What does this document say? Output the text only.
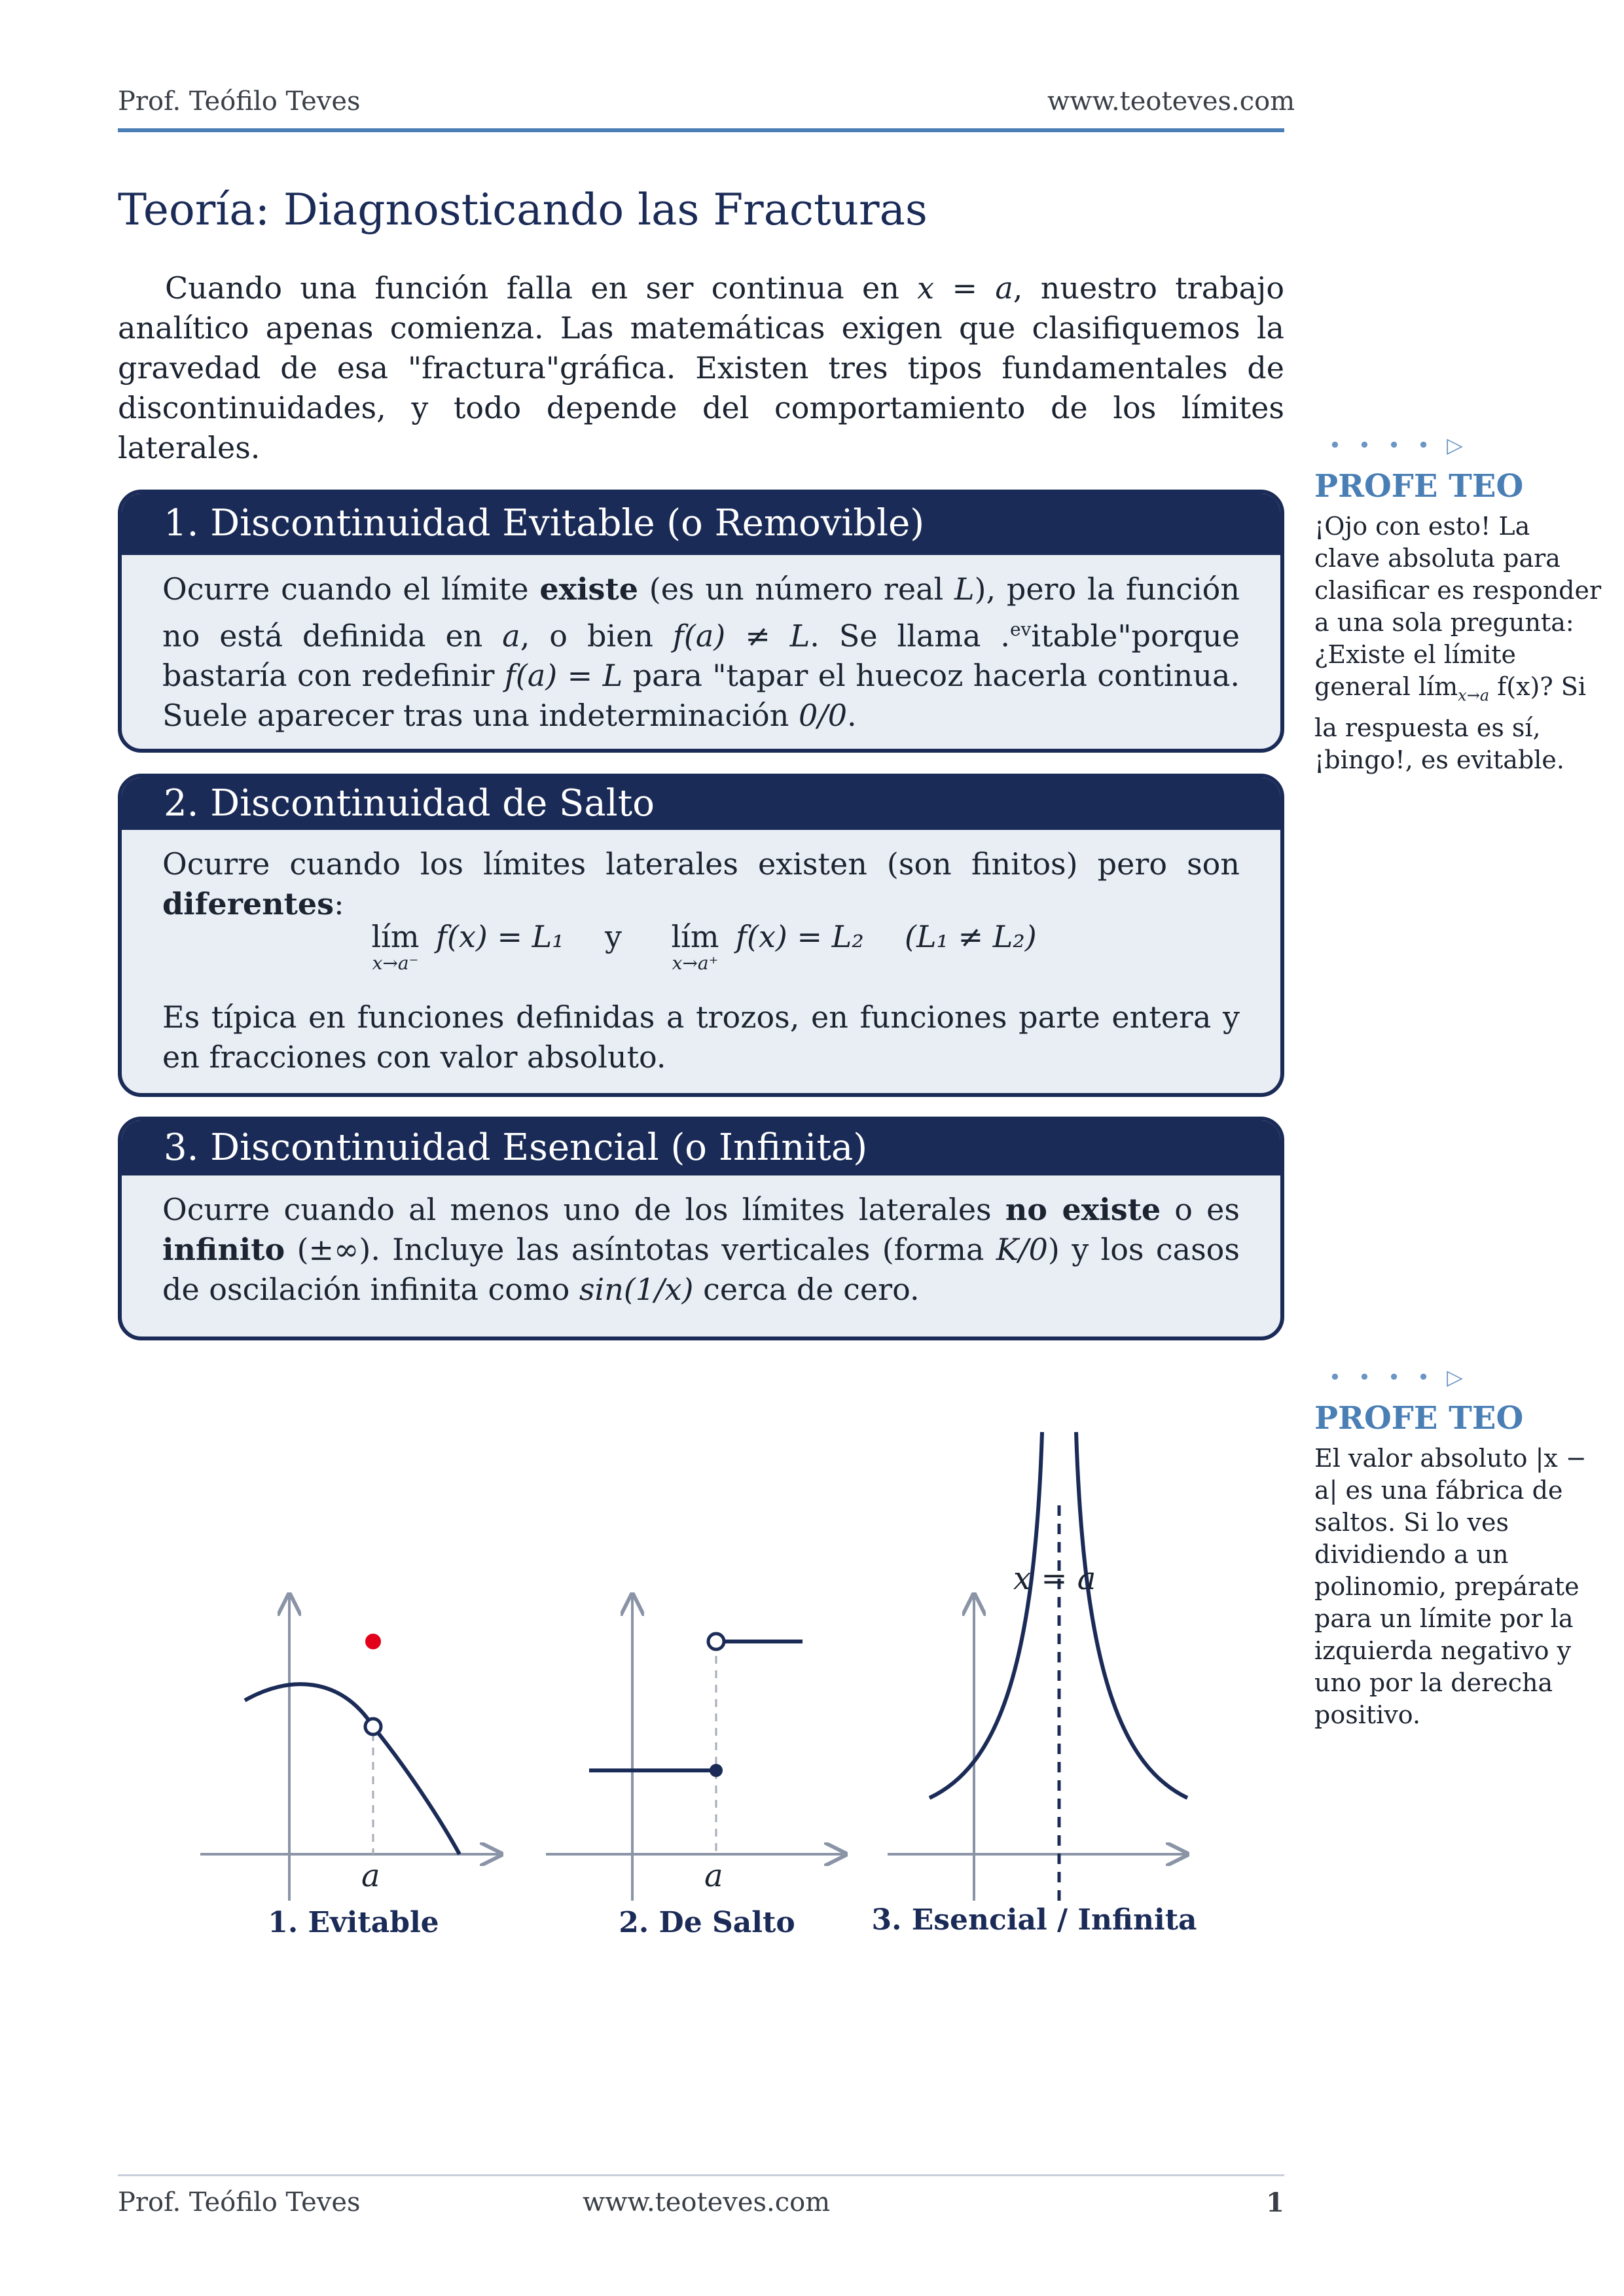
Prof. Teófilo Teves	www.teoteves.com
Teoría: Diagnosticando las Fracturas
Cuando una función falla en ser continua en x = a, nuestro trabajo analítico apenas comienza. Las matemáticas exigen que clasifiquemos la gravedad de esa "fractura"gráfica. Existen tres tipos fundamentales de discontinuidades, y todo depende del comportamiento de los límites laterales.
1. Discontinuidad Evitable (o Removible)
Ocurre cuando el límite existe (es un número real L), pero la función no está definida en a, o bien f(a) ≠ L. Se llama .$^{ev}$itable"porque bastaría con redefinir f(a) = L para "tapar el huecoz hacerla continua. Suele aparecer tras una indeterminación 0/0.
2. Discontinuidad de Salto
Ocurre cuando los límites laterales existen (son finitos) pero son diferentes:
lím
x→a⁻
f(x) = L₁ y lím
x→a⁺
f(x) = L₂ (L₁ ≠ L₂)
Es típica en funciones definidas a trozos, en funciones parte entera y en fracciones con valor absoluto.
3. Discontinuidad Esencial (o Infinita)
Ocurre cuando al menos uno de los límites laterales no existe o es infinito (±∞). Incluye las asíntotas verticales (forma K/0) y los casos de oscilación infinita como sin(1/x) cerca de cero.
• • • • ▷
PROFE TEO
¡Ojo con esto! La clave absoluta para clasificar es responder a una sola pregunta: ¿Existe el límite general lím$_{x\to a}$ f(x)? Si la respuesta es sí, ¡bingo!, es evitable.
• • • • ▷
PROFE TEO
El valor absoluto |x − a| es una fábrica de saltos. Si lo ves dividiendo a un polinomio, prepárate para un límite por la izquierda negativo y uno por la derecha positivo.
a	a
x = a
1. Evitable	2. De Salto	3. Esencial / Infinita
Prof. Teófilo Teves	www.teoteves.com	1
